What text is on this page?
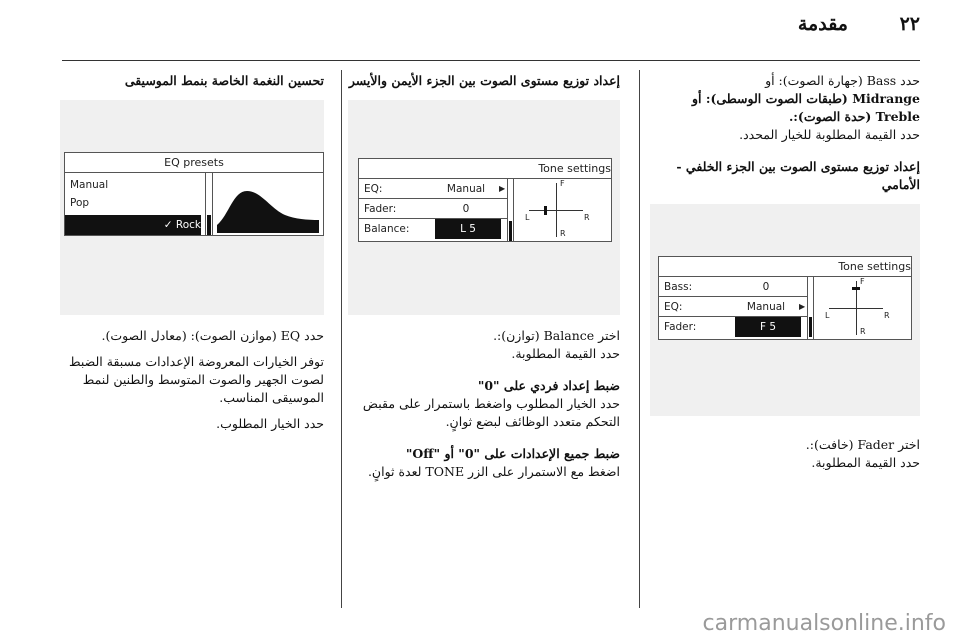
٢٢
مقدمة
حدد Bass (جهارة الصوت): أو
Midrange (طبقات الصوت الوسطى): أو
Treble (حدة الصوت):.
حدد القيمة المطلوبة للخيار المحدد.
إعداد توزيع مستوى الصوت بين الجزء الخلفي - الأمامي
Tone settings
Bass:	0
EQ:	Manual	▶
Fader:	F 5
F
R
L	R
اختر Fader (خافت):.
حدد القيمة المطلوبة.
إعداد توزيع مستوى الصوت بين الجزء الأيمن والأيسر
Tone settings
EQ:	Manual	▶
Fader:	0
Balance:	L 5
F
R
L	R
اختر Balance (توازن):.
حدد القيمة المطلوبة.
ضبط إعداد فردي على "0"
حدد الخيار المطلوب واضغط باستمرار على مقبض
التحكم متعدد الوظائف لبضع ثوانٍ.
ضبط جميع الإعدادات على "0" أو "Off"
اضغط مع الاستمرار على الزر TONE لعدة ثوانٍ.
تحسين النغمة الخاصة بنمط الموسيقى
EQ presets
Manual
Pop
✓ Rock
حدد EQ (موازن الصوت): (معادل الصوت).
توفر الخيارات المعروضة الإعدادات مسبقة الضبط
لصوت الجهير والصوت المتوسط والطنين لنمط
الموسيقى المناسب.
حدد الخيار المطلوب.
carmanualsonline.info
